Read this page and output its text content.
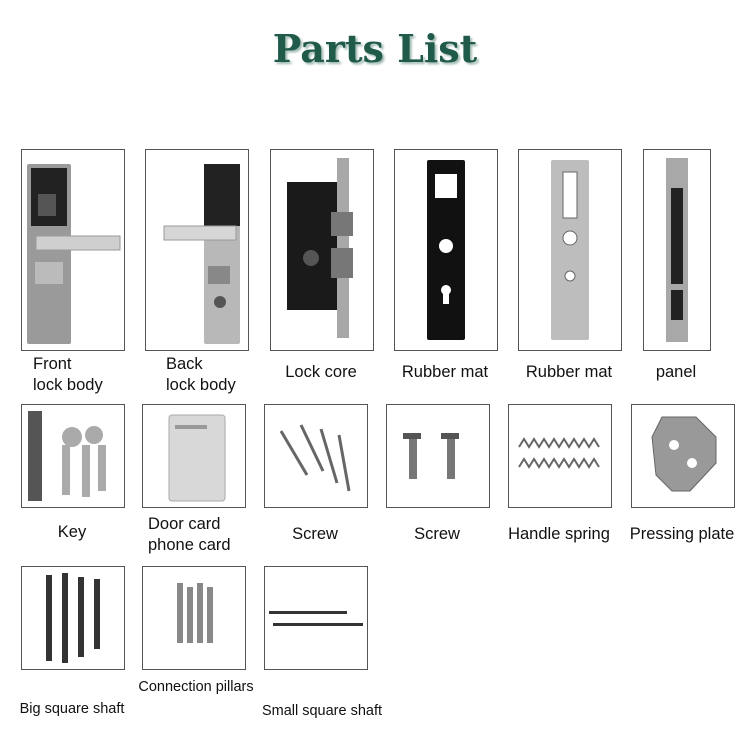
Parts List
Front
lock body
Back
lock body
Lock core	Rubber mat	Rubber mat	panel
Key	Door card
phone card
Screw	Screw	Handle spring	Pressing plate
Big square shaft
Connection pillars
Small square shaft
